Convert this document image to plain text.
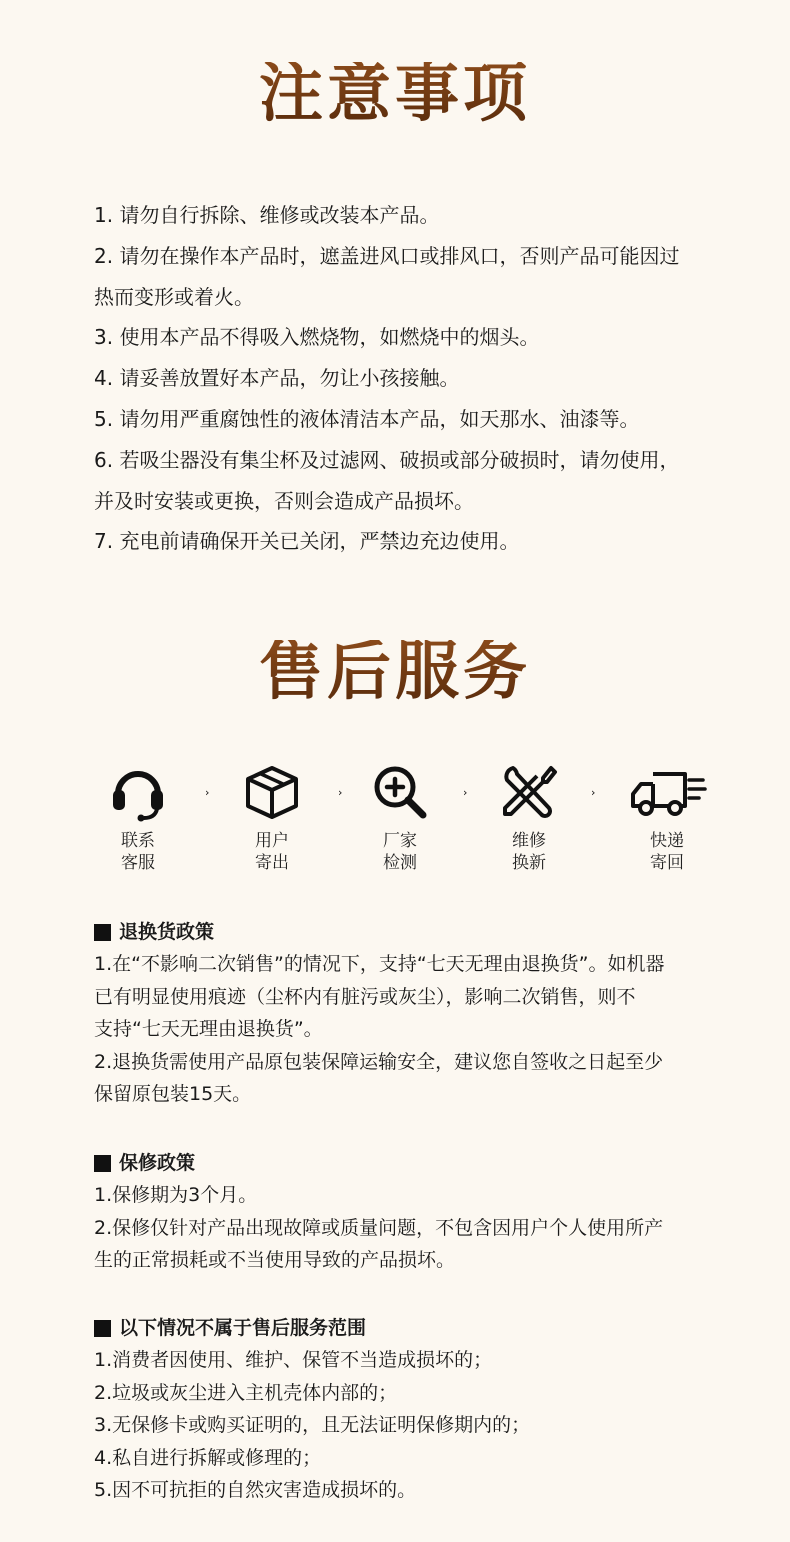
注意事项
1. 请勿自行拆除、维修或改装本产品。
2. 请勿在操作本产品时，遮盖进风口或排风口，否则产品可能因过
热而变形或着火。
3. 使用本产品不得吸入燃烧物，如燃烧中的烟头。
4. 请妥善放置好本产品，勿让小孩接触。
5. 请勿用严重腐蚀性的液体清洁本产品，如天那水、油漆等。
6. 若吸尘器没有集尘杯及过滤网、破损或部分破损时，请勿使用，
并及时安装或更换，否则会造成产品损坏。
7. 充电前请确保开关已关闭，严禁边充边使用。
售后服务
联系
客服
›
用户
寄出
›
厂家
检测
›
维修
换新
›
快递
寄回
退换货政策
1.在“不影响二次销售”的情况下，支持“七天无理由退换货”。如机器
已有明显使用痕迹（尘杯内有脏污或灰尘），影响二次销售，则不
支持“七天无理由退换货”。
2.退换货需使用产品原包装保障运输安全，建议您自签收之日起至少
保留原包装15天。
保修政策
1.保修期为3个月。
2.保修仅针对产品出现故障或质量问题，不包含因用户个人使用所产
生的正常损耗或不当使用导致的产品损坏。
以下情况不属于售后服务范围
1.消费者因使用、维护、保管不当造成损坏的；
2.垃圾或灰尘进入主机壳体内部的；
3.无保修卡或购买证明的，且无法证明保修期内的；
4.私自进行拆解或修理的；
5.因不可抗拒的自然灾害造成损坏的。
